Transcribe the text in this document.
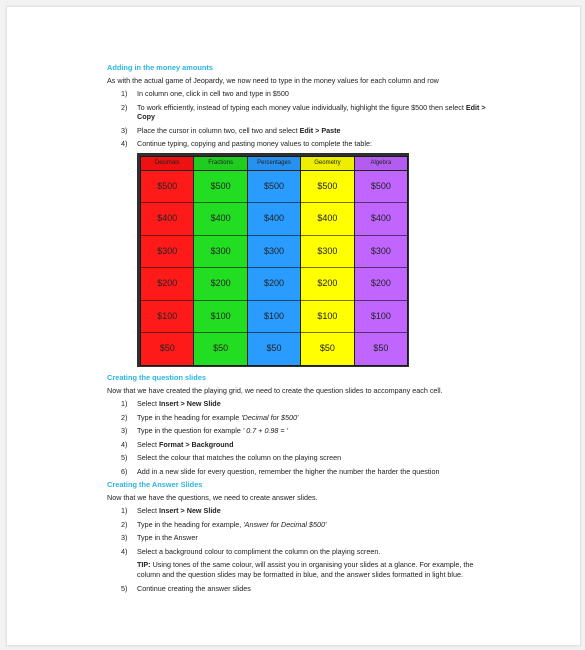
Adding in the money amounts
As with the actual game of Jeopardy, we now need to type in the money values for each column and row
1) In column one, click in cell two and type in $500
2) To work efficiently, instead of typing each money value individually, highlight the figure $500 then select Edit > Copy
3) Place the cursor in column two, cell two and select Edit > Paste
4) Continue typing, copying and pasting money values to complete the table:
Decimals
$500
$400
$300
$200
$100
$50
Fractions
$500
$400
$300
$200
$100
$50
Percentages
$500
$400
$300
$200
$100
$50
Geometry
$500
$400
$300
$200
$100
$50
Algebra
$500
$400
$300
$200
$100
$50
Creating the question slides
Now that we have created the playing grid, we need to create the question slides to accompany each cell.
1) Select Insert > New Slide
2) Type in the heading for example 'Decimal for $500'
3) Type in the question for example ' 0.7 + 0.98 = '
4) Select Format > Background
5) Select the colour that matches the column on the playing screen
6) Add in a new slide for every question, remember the higher the number the harder the question
Creating the Answer Slides
Now that we have the questions, we need to create answer slides.
1) Select Insert > New Slide
2) Type in the heading for example, 'Answer for Decimal $500'
3) Type in the Answer
4) Select a background colour to compliment the column on the playing screen.
TIP: Using tones of the same colour, will assist you in organising your slides at a glance. For example, the column and the question slides may be formatted in blue, and the answer slides formatted in light blue.
5) Continue creating the answer slides
